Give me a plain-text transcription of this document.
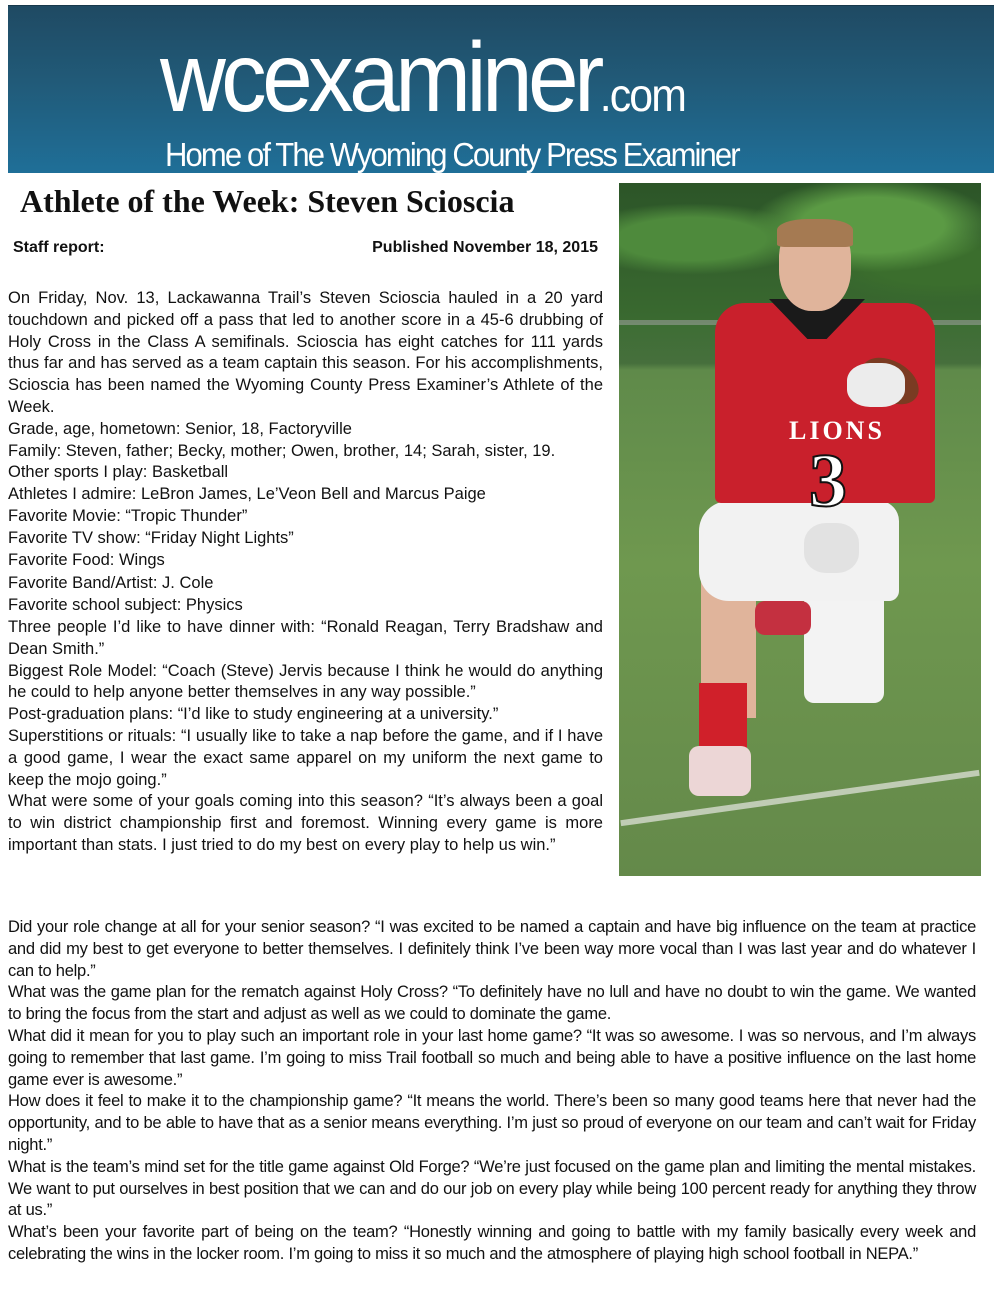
wcexaminer.com
Home of The Wyoming County Press Examiner
Athlete of the Week: Steven Scioscia
Staff report:	Published November 18, 2015
LIONS
3

On Friday, Nov. 13, Lackawanna Trail’s Steven Scioscia hauled in a 20 yard touchdown and picked off a pass that led to another score in a 45-6 drubbing of Holy Cross in the Class A semifinals. Scioscia has eight catches for 111 yards thus far and has served as a team captain this season. For his accomplishments, Scioscia has been named the Wyoming County Press Examiner’s Athlete of the Week.

Grade, age, hometown: Senior, 18, Factoryville

Family: Steven, father; Becky, mother; Owen, brother, 14; Sarah, sister, 19.

Other sports I play: Basketball

Athletes I admire: LeBron James, Le’Veon Bell and Marcus Paige

Favorite Movie: “Tropic Thunder”

Favorite TV show: “Friday Night Lights”

Favorite Food: Wings

Favorite Band/Artist: J. Cole

Favorite school subject: Physics

Three people I’d like to have dinner with: “Ronald Reagan, Terry Bradshaw and Dean Smith.”

Biggest Role Model: “Coach (Steve) Jervis because I think he would do anything he could to help anyone better themselves in any way possible.”

Post-graduation plans: “I’d like to study engineering at a university.”

Superstitions or rituals: “I usually like to take a nap before the game, and if I have a good game, I wear the exact same apparel on my uniform the next game to keep the mojo going.”

What were some of your goals coming into this season? “It’s always been a goal to win district championship first and foremost. Winning every game is more important than stats. I just tried to do my best on every play to help us win.”

Did your role change at all for your senior season? “I was excited to be named a captain and have big influence on the team at practice and did my best to get everyone to better themselves. I definitely think I’ve been way more vocal than I was last year and do whatever I can to help.”

What was the game plan for the rematch against Holy Cross? “To definitely have no lull and have no doubt to win the game. We wanted to bring the focus from the start and adjust as well as we could to dominate the game.

What did it mean for you to play such an important role in your last home game? “It was so awesome. I was so nervous, and I’m always going to remember that last game. I’m going to miss Trail football so much and being able to have a positive influence on the last home game ever is awesome.”

How does it feel to make it to the championship game? “It means the world. There’s been so many good teams here that never had the opportunity, and to be able to have that as a senior means everything. I’m just so proud of everyone on our team and can’t wait for Friday night.”

What is the team’s mind set for the title game against Old Forge? “We’re just focused on the game plan and limiting the mental mistakes. We want to put ourselves in best position that we can and do our job on every play while being 100 percent ready for anything they throw at us.”

What’s been your favorite part of being on the team? “Honestly winning and going to battle with my family basically every week and celebrating the wins in the locker room. I’m going to miss it so much and the atmosphere of playing high school football in NEPA.”
